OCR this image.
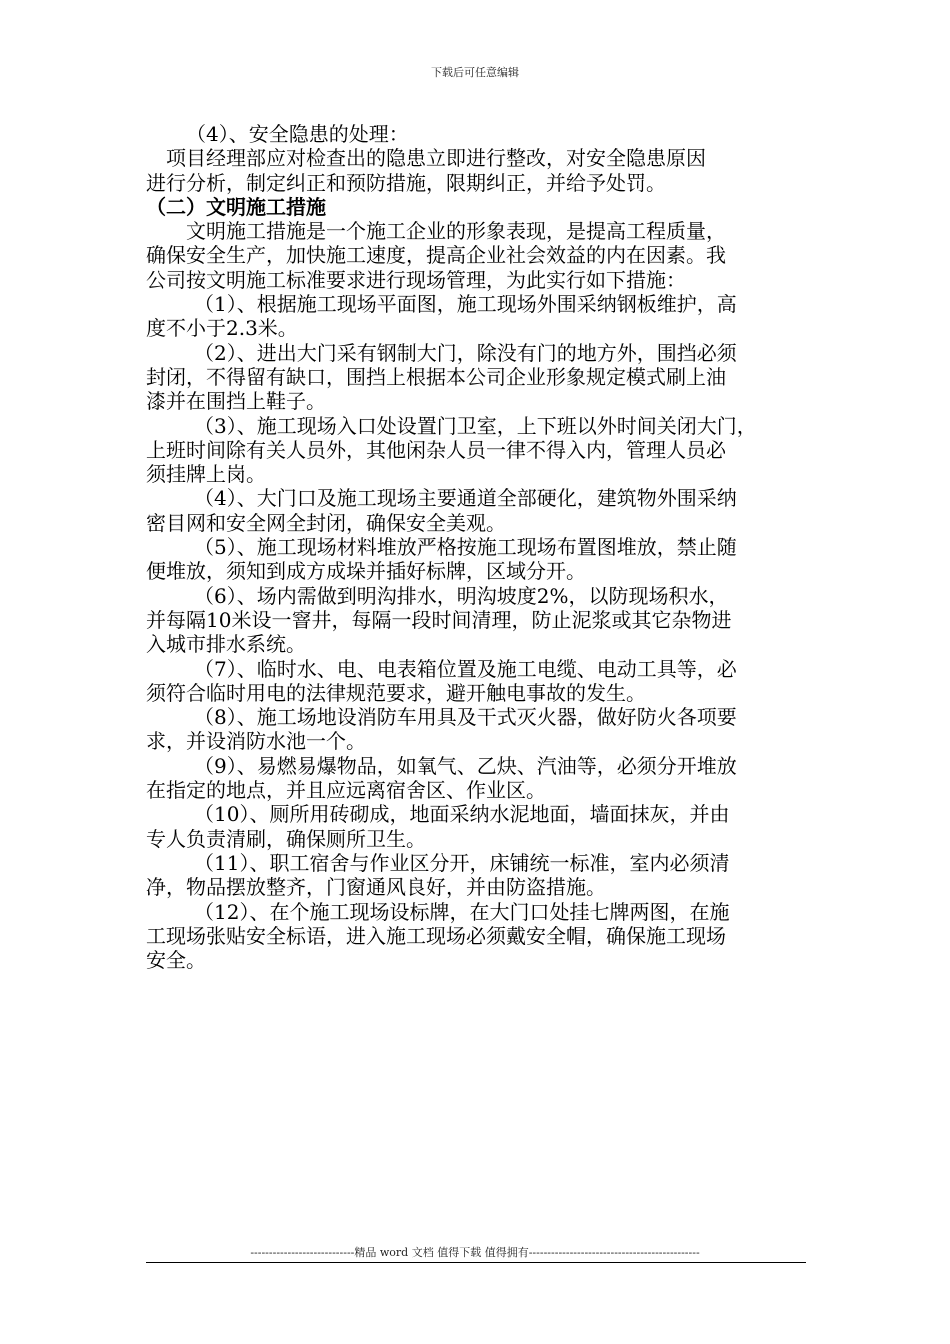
下载后可任意编辑
（4）、安全隐患的处理：
项目经理部应对检查出的隐患立即进行整改，对安全隐患原因
进行分析，制定纠正和预防措施，限期纠正，并给予处罚。
（二）文明施工措施
文明施工措施是一个施工企业的形象表现，是提高工程质量，
确保安全生产，加快施工速度，提高企业社会效益的内在因素。我
公司按文明施工标准要求进行现场管理，为此实行如下措施：
（1）、根据施工现场平面图，施工现场外围采纳钢板维护，高
度不小于2.3米。
（2）、进出大门采有钢制大门，除没有门的地方外，围挡必须
封闭，不得留有缺口，围挡上根据本公司企业形象规定模式刷上油
漆并在围挡上鞋子。
（3）、施工现场入口处设置门卫室，上下班以外时间关闭大门，
上班时间除有关人员外，其他闲杂人员一律不得入内，管理人员必
须挂牌上岗。
（4）、大门口及施工现场主要通道全部硬化，建筑物外围采纳
密目网和安全网全封闭，确保安全美观。
（5）、施工现场材料堆放严格按施工现场布置图堆放，禁止随
便堆放，须知到成方成垛并插好标牌，区域分开。
（6）、场内需做到明沟排水，明沟坡度2%，以防现场积水，
并每隔10米设一窨井，每隔一段时间清理，防止泥浆或其它杂物进
入城市排水系统。
（7）、临时水、电、电表箱位置及施工电缆、电动工具等，必
须符合临时用电的法律规范要求，避开触电事故的发生。
（8）、施工场地设消防车用具及干式灭火器，做好防火各项要
求，并设消防水池一个。
（9）、易燃易爆物品，如氧气、乙炔、汽油等，必须分开堆放
在指定的地点，并且应远离宿舍区、作业区。
（10）、厕所用砖砌成，地面采纳水泥地面，墙面抹灰，并由
专人负责清刷，确保厕所卫生。
（11）、职工宿舍与作业区分开，床铺统一标准，室内必须清
净，物品摆放整齐，门窗通风良好，并由防盗措施。
（12）、在个施工现场设标牌，在大门口处挂七牌两图，在施
工现场张贴安全标语，进入施工现场必须戴安全帽，确保施工现场
安全。
----------------------------精品 word 文档 值得下载 值得拥有----------------------------------------------
